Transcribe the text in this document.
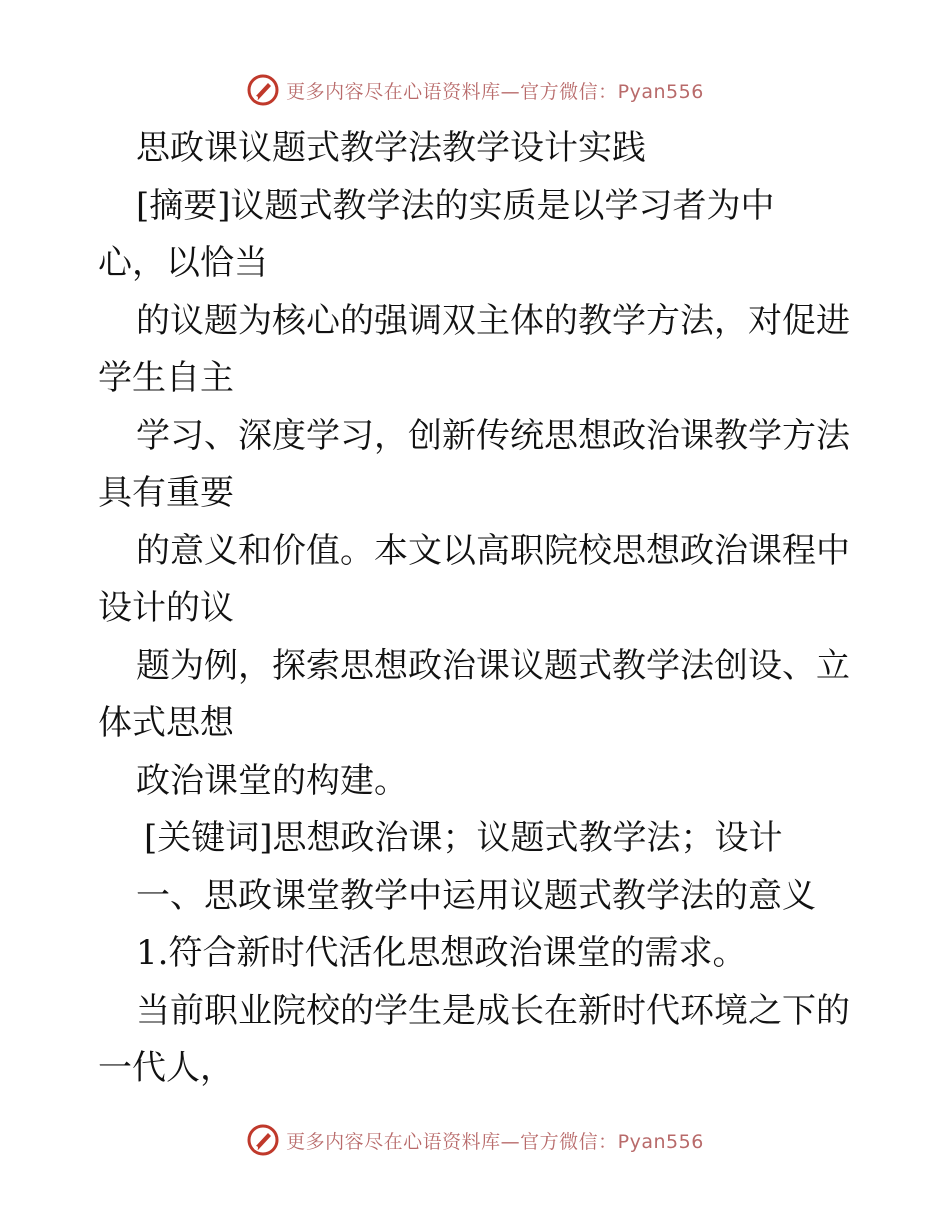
更多内容尽在心语资料库—官方微信：Pyan556
思政课议题式教学法教学设计实践
[摘要]议题式教学法的实质是以学习者为中
心，以恰当
的议题为核心的强调双主体的教学方法，对促进
学生自主
学习、深度学习，创新传统思想政治课教学方法
具有重要
的意义和价值。本文以高职院校思想政治课程中
设计的议
题为例，探索思想政治课议题式教学法创设、立
体式思想
政治课堂的构建。
[关键词]思想政治课；议题式教学法；设计
一、思政课堂教学中运用议题式教学法的意义
1.符合新时代活化思想政治课堂的需求。
当前职业院校的学生是成长在新时代环境之下的
一代人，
更多内容尽在心语资料库—官方微信：Pyan556
